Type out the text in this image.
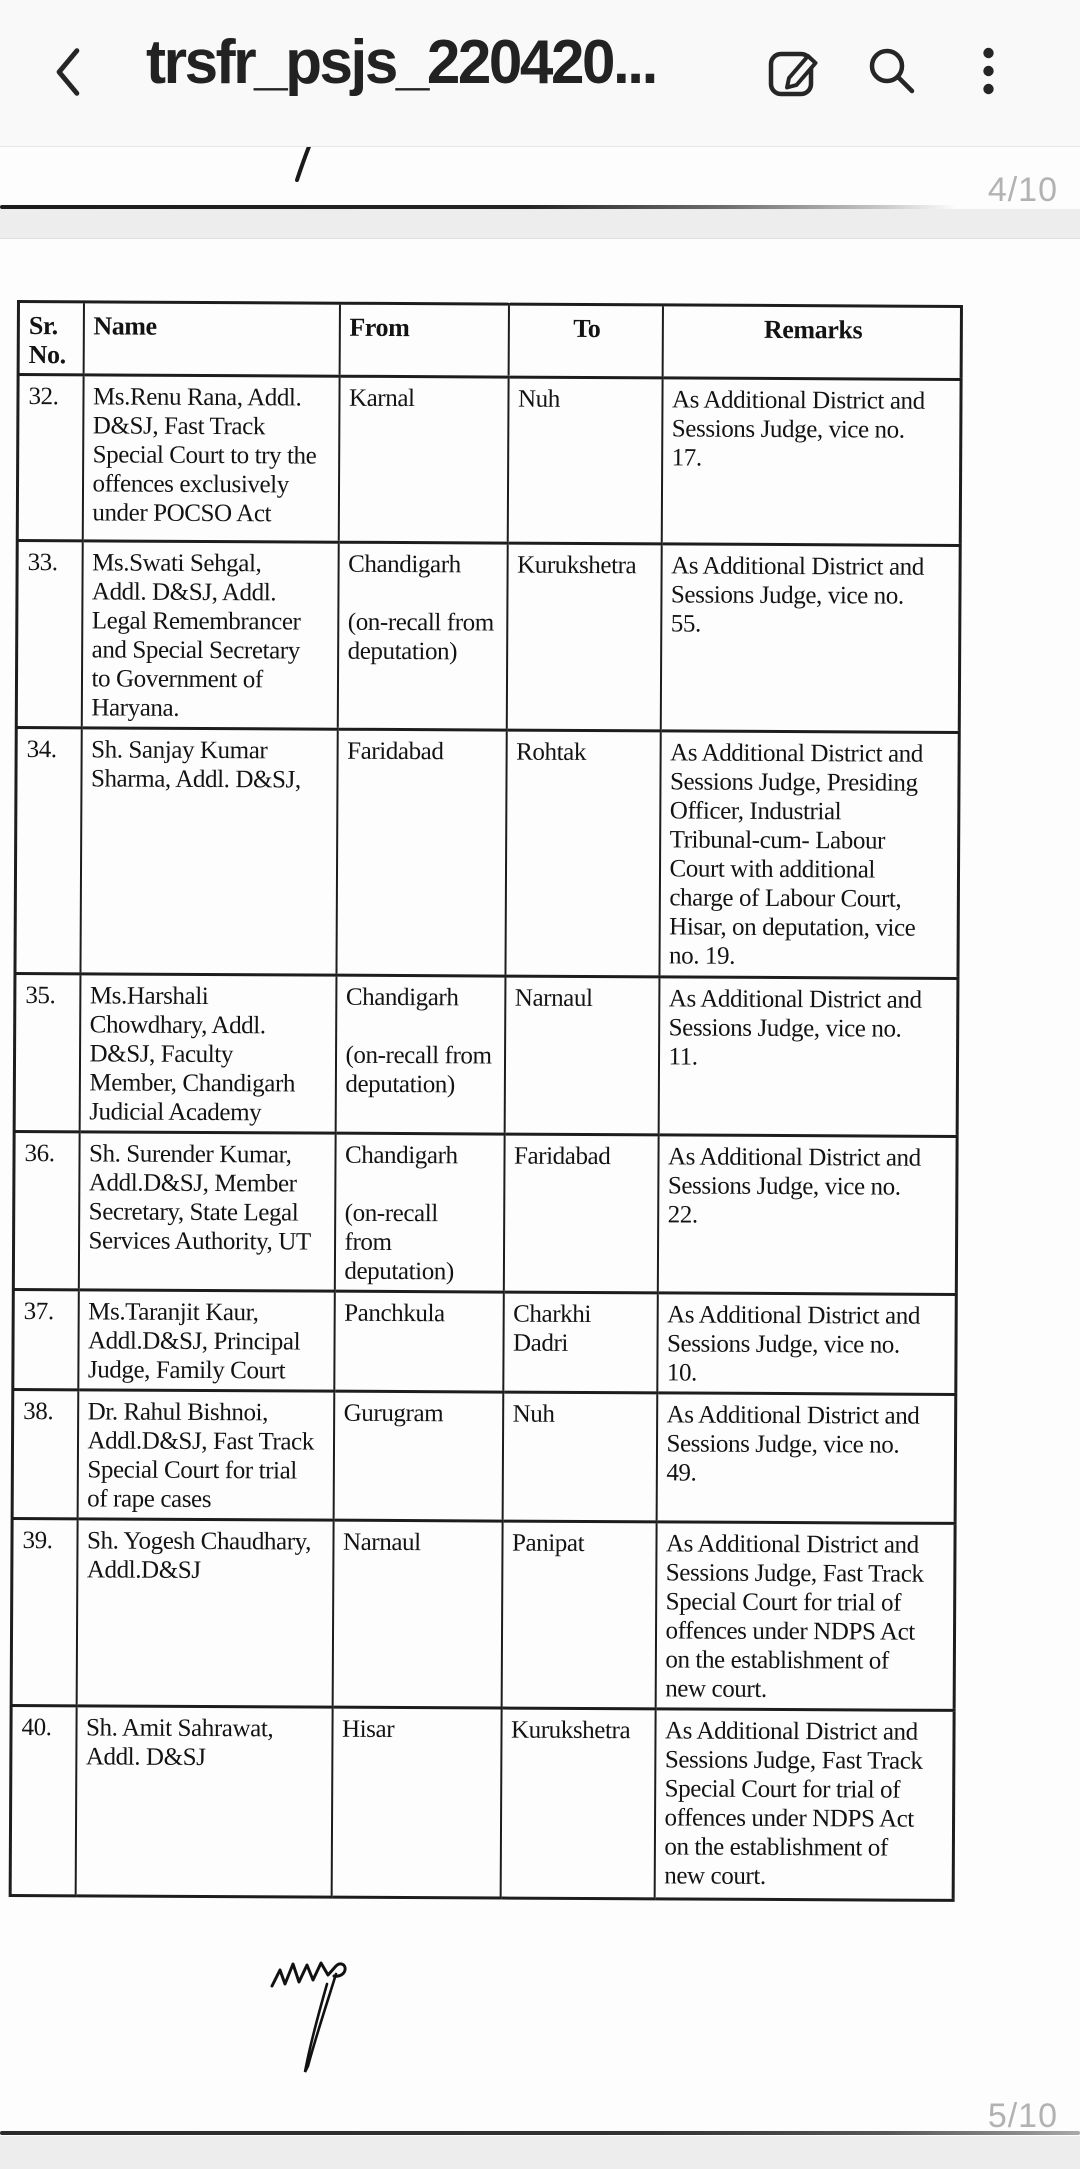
trsfr_psjs_220420...
4/10
Sr.
No.	Name	From	To	Remarks
32.	Ms.Renu Rana, Addl.
D&SJ, Fast Track
Special Court to try the
offences exclusively
under POCSO Act	Karnal	Nuh	As Additional District and
Sessions Judge, vice no.
17.
33.	Ms.Swati Sehgal,
Addl. D&SJ, Addl.
Legal Remembrancer
and Special Secretary
to Government of
Haryana.	Chandigarh

(on-recall from
deputation)	Kurukshetra	As Additional District and
Sessions Judge, vice no.
55.
34.	Sh. Sanjay Kumar
Sharma, Addl. D&SJ,	Faridabad	Rohtak	As Additional District and
Sessions Judge, Presiding
Officer, Industrial
Tribunal-cum- Labour
Court with additional
charge of Labour Court,
Hisar, on deputation, vice
no. 19.
35.	Ms.Harshali
Chowdhary, Addl.
D&SJ, Faculty
Member, Chandigarh
Judicial Academy	Chandigarh

(on-recall from
deputation)	Narnaul	As Additional District and
Sessions Judge, vice no.
11.
36.	Sh. Surender Kumar,
Addl.D&SJ, Member
Secretary, State Legal
Services Authority, UT	Chandigarh

(on-recall
from
deputation)	Faridabad	As Additional District and
Sessions Judge, vice no.
22.
37.	Ms.Taranjit Kaur,
Addl.D&SJ, Principal
Judge, Family Court	Panchkula	Charkhi
Dadri	As Additional District and
Sessions Judge, vice no.
10.
38.	Dr. Rahul Bishnoi,
Addl.D&SJ, Fast Track
Special Court for trial
of rape cases	Gurugram	Nuh	As Additional District and
Sessions Judge, vice no.
49.
39.	Sh. Yogesh Chaudhary,
Addl.D&SJ	Narnaul	Panipat	As Additional District and
Sessions Judge, Fast Track
Special Court for trial of
offences under NDPS Act
on the establishment of
new court.
40.	Sh. Amit Sahrawat,
Addl. D&SJ	Hisar	Kurukshetra	As Additional District and
Sessions Judge, Fast Track
Special Court for trial of
offences under NDPS Act
on the establishment of
new court.
5/10
